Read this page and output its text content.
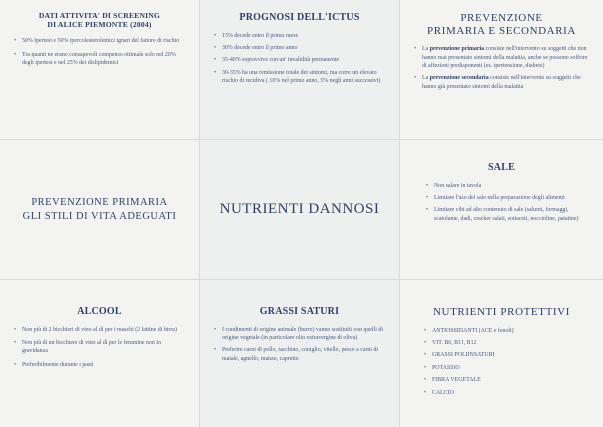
DATI ATTIVITA' DI SCREENING
DI ALICE PIEMONTE (2004)
• 50% Ipertesi e 50% ipercolesterolemici ignari del fattore di rischio
• Tra quanti ne erano consapevoli compenso ottimale solo nel 20% degli ipertesi e nel 25% dei dislipidemici
PROGNOSI DELL'ICTUS
• 15% decede entro il primo mese
• 30% decede entro il primo anno
• 35-40% sopravvive con un' invalidità permanente
• 30-35% ha una remissione totale dei sintomi, ma corre un elevato rischio di recidiva ( 10% nel primo anno, 5% negli anni successivi)
PREVENZIONE
PRIMARIA E SECONDARIA
• La prevenzione primaria consiste nell'intervento su soggetti che non hanno mai presentato sintomi della malattia, anche se possono soffrire di affezioni predisponenti (es. ipertensione, diabete)
• La prevenzione secondaria consiste nell'intervento su soggetti che hanno già presentato sintomi della malattia
PREVENZIONE PRIMARIA
GLI STILI DI VITA ADEGUATI	NUTRIENTI DANNOSI
SALE
• Non salare in tavola
• Limitare l'uso del sale nella preparazione degli alimenti
• Limitare cibi ad alto contenuto di sale (salumi, formaggi, scatolame, dadi, cracker salati, sottaceti, noccioline, patatine)
ALCOOL
• Non più di 2 bicchieri di vino al dì per i maschi (2 lattine di birra)
• Non più di un bicchiere di vino al dì per le femmine non in gravidanza
• Preferibilmente durante i pasti
GRASSI SATURI
• I condimenti di origine animale (burro) vanno sostituiti con quelli di origine vegetale (in particolare olio extravergine di oliva)
• Preferire carni di pollo, tacchino, coniglio, vitello, pesce a carni di maiale, agnello, manzo, capretto
NUTRIENTI PROTETTIVI
• ANTIOSSIDANTI (ACE e fenoli)
• VIT. B6, B11, B12
• GRASSI POLIINSATURI
• POTASSIO
• FIBRA VEGETALE
• CALCIO
